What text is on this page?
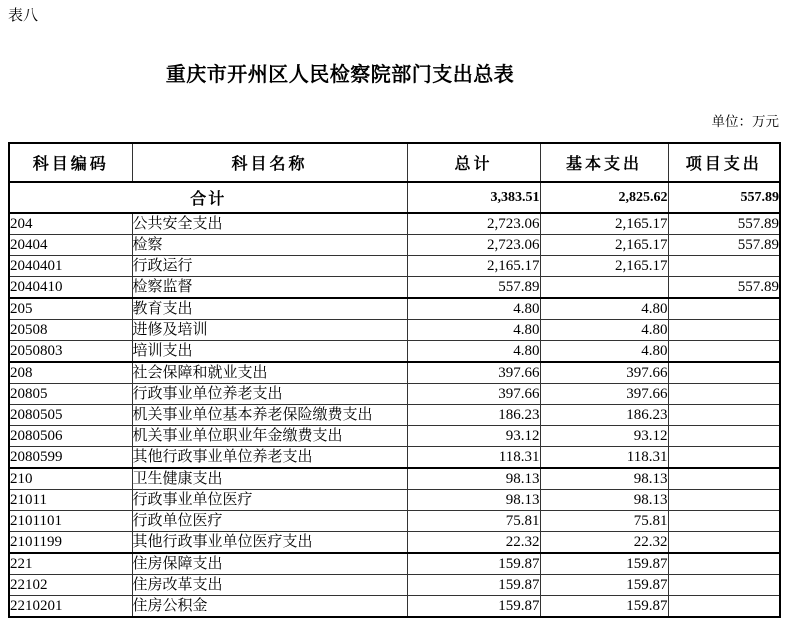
表八
重庆市开州区人民检察院部门支出总表
单位：万元
科目编码	科目名称	总计	基本支出	项目支出
合计		3,383.51	2,825.62	557.89
204	公共安全支出	2,723.06	2,165.17	557.89
20404	检察	2,723.06	2,165.17	557.89
2040401	行政运行	2,165.17	2,165.17	
2040410	检察监督	557.89		557.89
205	教育支出	4.80	4.80	
20508	进修及培训	4.80	4.80	
2050803	培训支出	4.80	4.80	
208	社会保障和就业支出	397.66	397.66	
20805	行政事业单位养老支出	397.66	397.66	
2080505	机关事业单位基本养老保险缴费支出	186.23	186.23	
2080506	机关事业单位职业年金缴费支出	93.12	93.12	
2080599	其他行政事业单位养老支出	118.31	118.31	
210	卫生健康支出	98.13	98.13	
21011	行政事业单位医疗	98.13	98.13	
2101101	行政单位医疗	75.81	75.81	
2101199	其他行政事业单位医疗支出	22.32	22.32	
221	住房保障支出	159.87	159.87	
22102	住房改革支出	159.87	159.87	
2210201	住房公积金	159.87	159.87	
